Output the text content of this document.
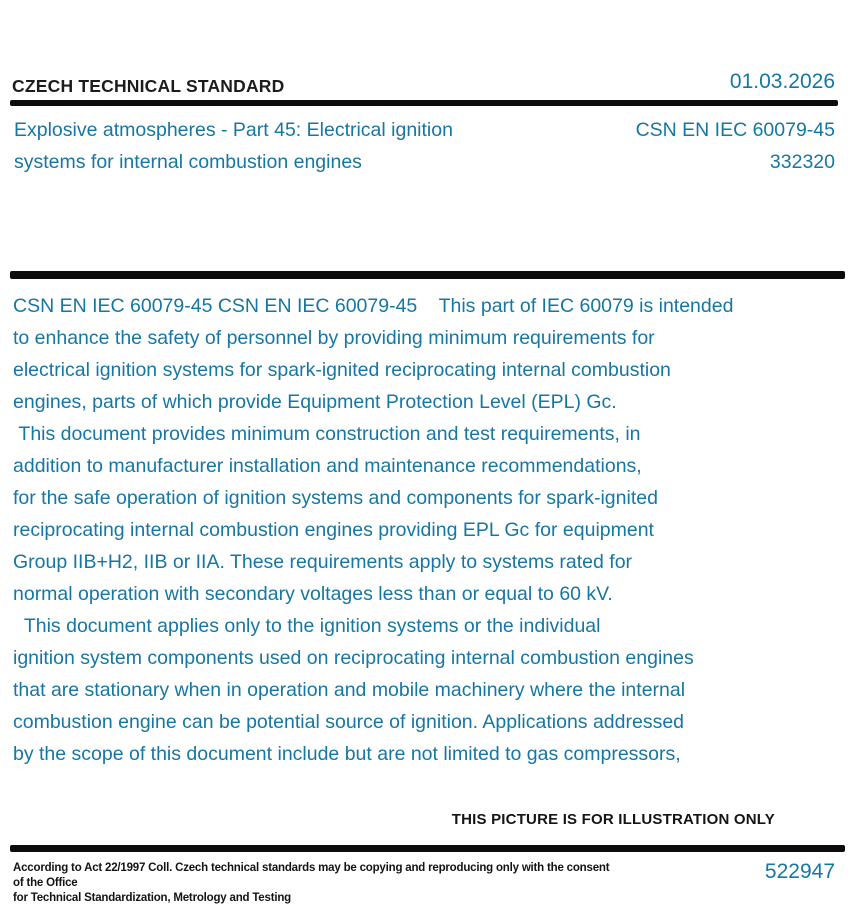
CZECH TECHNICAL STANDARD	01.03.2026
Explosive atmospheres - Part 45: Electrical ignition
systems for internal combustion engines
CSN EN IEC 60079-45
332320
CSN EN IEC 60079-45 CSN EN IEC 60079-45    This part of IEC 60079 is intended
to enhance the safety of personnel by providing minimum requirements for
electrical ignition systems for spark-ignited reciprocating internal combustion
engines, parts of which provide Equipment Protection Level (EPL) Gc.
This document provides minimum construction and test requirements, in
addition to manufacturer installation and maintenance recommendations,
for the safe operation of ignition systems and components for spark-ignited
reciprocating internal combustion engines providing EPL Gc for equipment
Group IIB+H2, IIB or IIA. These requirements apply to systems rated for
normal operation with secondary voltages less than or equal to 60 kV.
This document applies only to the ignition systems or the individual
ignition system components used on reciprocating internal combustion engines
that are stationary when in operation and mobile machinery where the internal
combustion engine can be potential source of ignition. Applications addressed
by the scope of this document include but are not limited to gas compressors,
THIS PICTURE IS FOR ILLUSTRATION ONLY
According to Act 22/1997 Coll. Czech technical standards may be copying and reproducing only with the consent of the Office
for Technical Standardization, Metrology and Testing
522947
